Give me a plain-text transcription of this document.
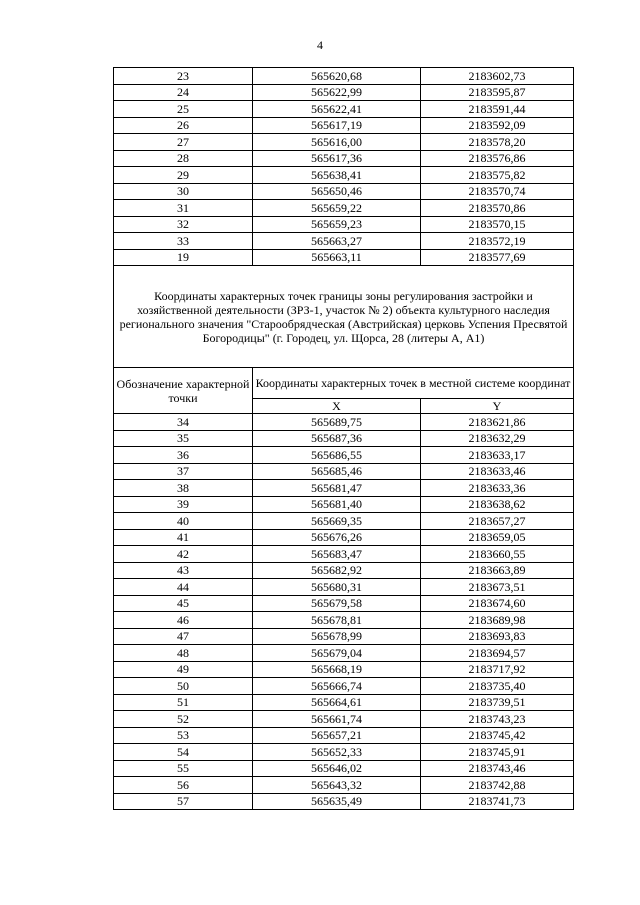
4
23	565620,68	2183602,73
24	565622,99	2183595,87
25	565622,41	2183591,44
26	565617,19	2183592,09
27	565616,00	2183578,20
28	565617,36	2183576,86
29	565638,41	2183575,82
30	565650,46	2183570,74
31	565659,22	2183570,86
32	565659,23	2183570,15
33	565663,27	2183572,19
19	565663,11	2183577,69
Координаты характерных точек границы зоны регулирования застройки и хозяйственной деятельности (ЗРЗ-1, участок № 2) объекта культурного наследия регионального значения "Старообрядческая (Австрийская) церковь Успения Пресвятой Богородицы" (г. Городец, ул. Щорса, 28 (литеры А, А1)		
Обозначение характерной точки	Координаты характерных точек в местной системе координат	
	X	Y
34	565689,75	2183621,86
35	565687,36	2183632,29
36	565686,55	2183633,17
37	565685,46	2183633,46
38	565681,47	2183633,36
39	565681,40	2183638,62
40	565669,35	2183657,27
41	565676,26	2183659,05
42	565683,47	2183660,55
43	565682,92	2183663,89
44	565680,31	2183673,51
45	565679,58	2183674,60
46	565678,81	2183689,98
47	565678,99	2183693,83
48	565679,04	2183694,57
49	565668,19	2183717,92
50	565666,74	2183735,40
51	565664,61	2183739,51
52	565661,74	2183743,23
53	565657,21	2183745,42
54	565652,33	2183745,91
55	565646,02	2183743,46
56	565643,32	2183742,88
57	565635,49	2183741,73
